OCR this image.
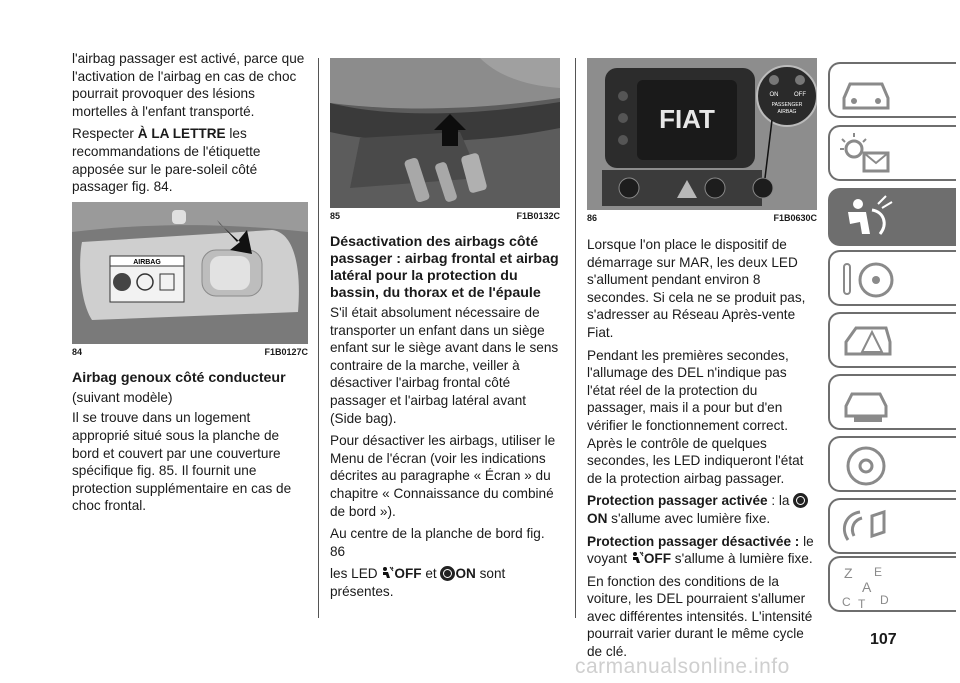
l'airbag passager est activé, parce que l'activation de l'airbag en cas de choc pourrait provoquer des lésions mortelles à l'enfant transporté.

Respecter À LA LETTRE les recommandations de l'étiquette apposée sur le pare-soleil côté passager fig. 84.

AIRBAG
84	F1B0127C
Airbag genoux côté conducteur

(suivant modèle)

Il se trouve dans un logement approprié situé sous la planche de bord et couvert par une couverture spécifique fig. 85. Il fournit une protection supplémentaire en cas de choc frontal.

85	F1B0132C
Désactivation des airbags côté passager : airbag frontal et airbag latéral pour la protection du bassin, du thorax et de l'épaule

S'il était absolument nécessaire de transporter un enfant dans un siège enfant sur le siège avant dans le sens contraire de la marche, veiller à désactiver l'airbag frontal côté passager et l'airbag latéral avant (Side bag).

Pour désactiver les airbags, utiliser le Menu de l'écran (voir les indications décrites au paragraphe « Écran » du chapitre « Connaissance du combiné de bord »).

Au centre de la planche de bord fig. 86

les LED OFF et ON sont présentes.

FIAT
ON	OFF
PASSENGER
AIRBAG
86	F1B0630C

Lorsque l'on place le dispositif de démarrage sur MAR, les deux LED s'allument pendant environ 8 secondes. Si cela ne se produit pas, s'adresser au Réseau Après-vente Fiat.

Pendant les premières secondes, l'allumage des DEL n'indique pas l'état réel de la protection du passager, mais il a pour but d'en vérifier le fonctionnement correct. Après le contrôle de quelques secondes, les LED indiqueront l'état de la protection airbag passager.

Protection passager activée : la  ON s'allume avec lumière fixe.

Protection passager désactivée : le voyant OFF s'allume à lumière fixe.

En fonction des conditions de la voiture, les DEL pourraient s'allumer avec différentes intensités. L'intensité pourrait varier durant le même cycle de clé.

Z E
A
C T D
107
carmanualsonline.info
